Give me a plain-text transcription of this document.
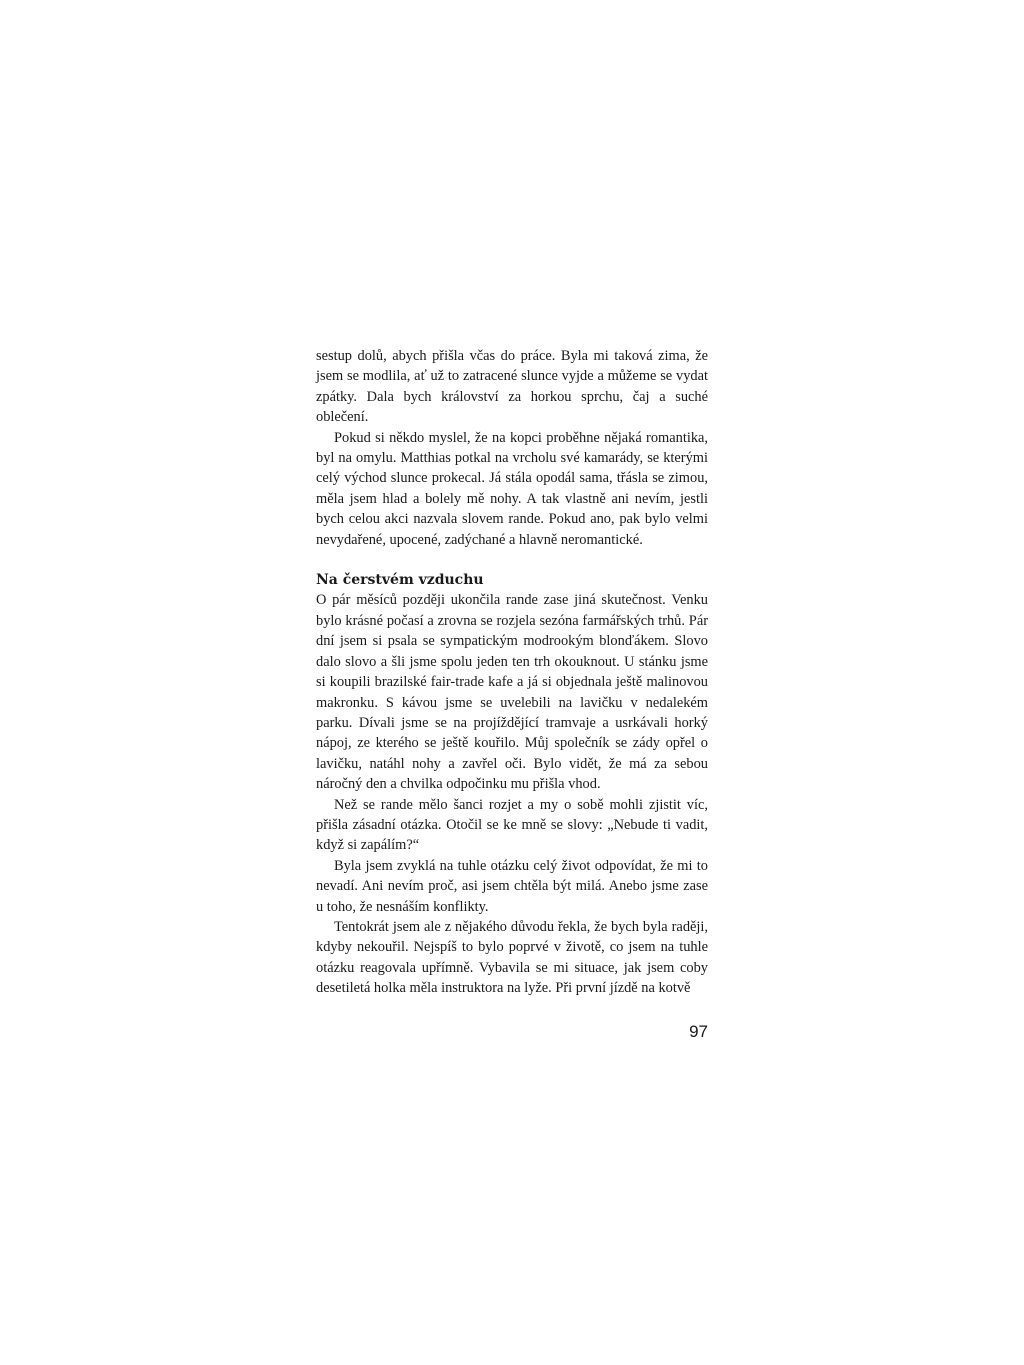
sestup dolů, abych přišla včas do práce. Byla mi taková zima, že jsem se modlila, ať už to zatracené slunce vyjde a můžeme se vydat zpátky. Dala bych království za horkou sprchu, čaj a suché oblečení.

Pokud si někdo myslel, že na kopci proběhne nějaká romantika, byl na omylu. Matthias potkal na vrcholu své kamarády, se kterými celý východ slunce prokecal. Já stála opodál sama, třásla se zimou, měla jsem hlad a bolely mě nohy. A tak vlastně ani nevím, jestli bych celou akci nazvala slovem rande. Pokud ano, pak bylo velmi nevydařené, upocené, zadýchané a hlavně neromantické.

Na čerstvém vzduchu

O pár měsíců později ukončila rande zase jiná skutečnost. Venku bylo krásné počasí a zrovna se rozjela sezóna farmářských trhů. Pár dní jsem si psala se sympatickým modrookým blonďákem. Slovo dalo slovo a šli jsme spolu jeden ten trh okouknout. U stánku jsme si koupili brazilské fair-trade kafe a já si objednala ještě malinovou makronku. S kávou jsme se uvelebili na lavičku v nedalekém parku. Dívali jsme se na projíždějící tramvaje a usrkávali horký nápoj, ze kterého se ještě kouřilo. Můj společník se zády opřel o lavičku, natáhl nohy a zavřel oči. Bylo vidět, že má za sebou náročný den a chvilka odpočinku mu přišla vhod.

Než se rande mělo šanci rozjet a my o sobě mohli zjistit víc, přišla zásadní otázka. Otočil se ke mně se slovy: „Nebude ti vadit, když si zapálím?“

Byla jsem zvyklá na tuhle otázku celý život odpovídat, že mi to nevadí. Ani nevím proč, asi jsem chtěla být milá. Anebo jsme zase u toho, že nesnáším konflikty.

Tentokrát jsem ale z nějakého důvodu řekla, že bych byla raději, kdyby nekouřil. Nejspíš to bylo poprvé v životě, co jsem na tuhle otázku reagovala upřímně. Vybavila se mi situace, jak jsem coby desetiletá holka měla instruktora na lyže. Při první jízdě na kotvě

97
